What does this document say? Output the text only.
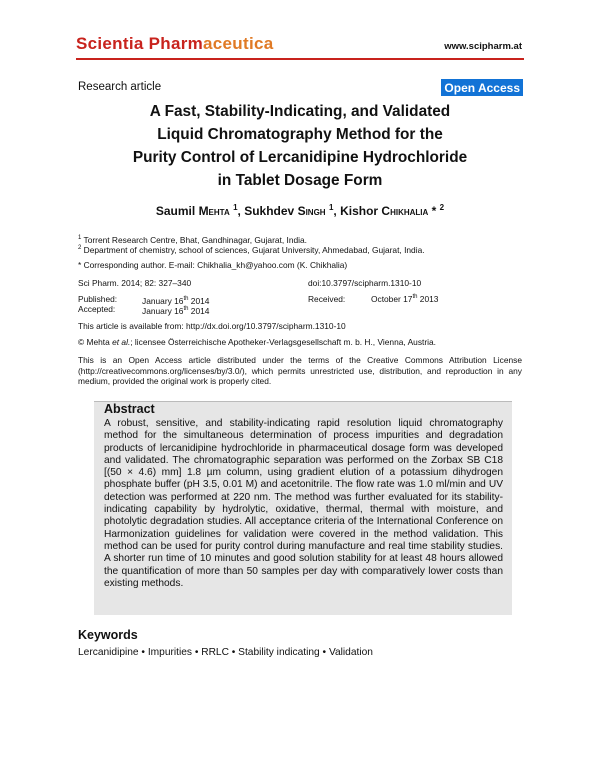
Scientia Pharmaceutica	www.scipharm.at
Research article	Open Access
A Fast, Stability-Indicating, and Validated
Liquid Chromatography Method for the
Purity Control of Lercanidipine Hydrochloride
in Tablet Dosage Form
Saumil Mehta $^1$, Sukhdev Singh $^1$, Kishor Chikhalia * $^2$
$^1$ Torrent Research Centre, Bhat, Gandhinagar, Gujarat, India.
$^2$ Department of chemistry, school of sciences, Gujarat University, Ahmedabad, Gujarat, India.
* Corresponding author. E-mail: Chikhalia_kh@yahoo.com (K. Chikhalia)
Sci Pharm. 2014; 82: 327–340	doi:10.3797/scipharm.1310-10
Published:	January 16th 2014	Received:	October 17th 2013
Accepted:	January 16th 2014
This article is available from: http://dx.doi.org/10.3797/scipharm.1310-10
© Mehta et al.; licensee Österreichische Apotheker-Verlagsgesellschaft m. b. H., Vienna, Austria.
This is an Open Access article distributed under the terms of the Creative Commons Attribution License (http://creativecommons.org/licenses/by/3.0/), which permits unrestricted use, distribution, and reproduction in any medium, provided the original work is properly cited.
Abstract
A robust, sensitive, and stability-indicating rapid resolution liquid chromatography method for the simultaneous determination of process impurities and degradation products of lercanidipine hydrochloride in pharmaceutical dosage form was developed and validated. The chromatographic separation was performed on the Zorbax SB C18 [(50 × 4.6) mm] 1.8 µm column, using gradient elution of a potassium dihydrogen phosphate buffer (pH 3.5, 0.01 M) and acetonitrile. The flow rate was 1.0 ml/min and UV detection was performed at 220 nm. The method was further evaluated for its stability-indicating capability by hydrolytic, oxidative, thermal, thermal with moisture, and photolytic degradation studies. All acceptance criteria of the International Conference on Harmonization guidelines for validation were covered in the method validation. This method can be used for purity control during manufacture and real time stability studies. A shorter run time of 10 minutes and good solution stability for at least 48 hours allowed the quantification of more than 50 samples per day with comparatively lower costs than existing methods.
Keywords
Lercanidipine • Impurities • RRLC • Stability indicating • Validation
